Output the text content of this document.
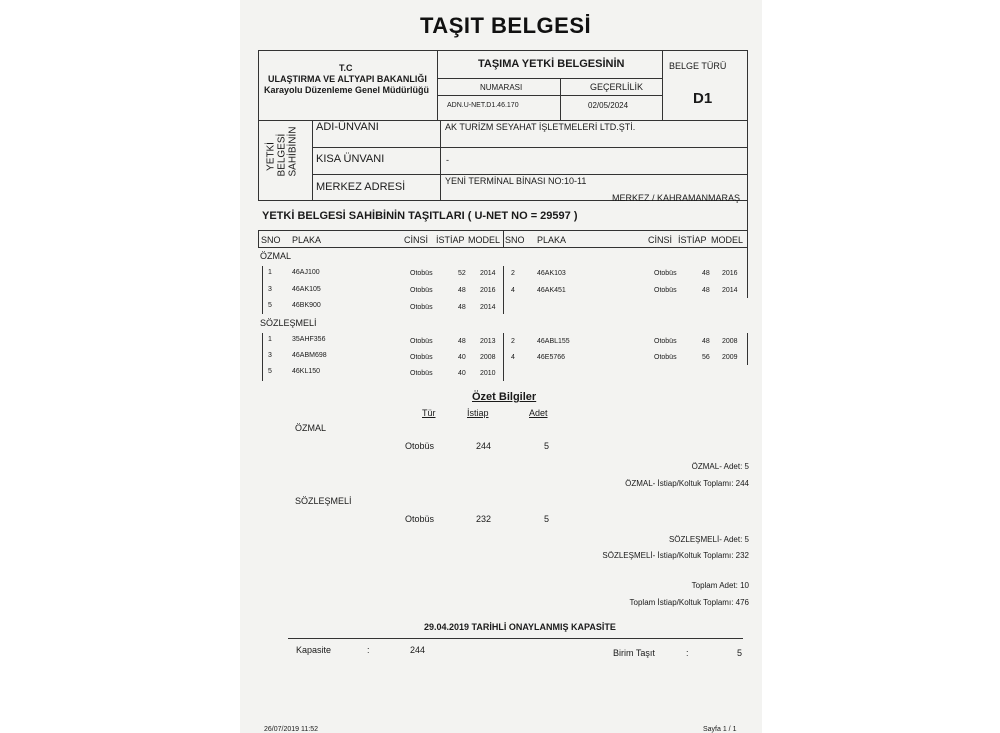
TAŞIT BELGESİ
T.C
ULAŞTIRMA VE ALTYAPI BAKANLIĞI
Karayolu Düzenleme Genel Müdürlüğü
TAŞIMA YETKİ BELGESİNİN
NUMARASI	GEÇERLİLİK
ADN.U-NET.D1.46.170	02/05/2024
BELGE TÜRÜ
D1
YETKİ BELGESİ SAHİBİNİN ADI-ÜNVANI	AK TURİZM SEYAHAT İŞLETMELERİ LTD.ŞTİ.
KISA ÜNVANI	-
MERKEZ ADRESİ	YENİ TERMİNAL BİNASI NO:10-11
MERKEZ / KAHRAMANMARAŞ
YETKİ BELGESİ SAHİBİNİN TAŞITLARI ( U-NET NO = 29597 )
SNO PLAKA	CİNSİ İSTİAP MODEL SNO PLAKA	CİNSİ İSTİAP MODEL
ÖZMAL
1	46AJ100	Otobüs	52 2014 2	46AK103	Otobüs	48 2016
3	46AK105	Otobüs	48 2016 4	46AK451	Otobüs	48 2014
5	46BK900	Otobüs	48 2014
SÖZLEŞMELİ
1	35AHF356	Otobüs	48 2013 2	46ABL155	Otobüs	48 2008
3	46ABM698	Otobüs	40 2008 4	46E5766	Otobüs	56 2009
5	46KL150	Otobüs	40 2010
Özet Bilgiler
Tür	İstiap	Adet
ÖZMAL
Otobüs	244	5
ÖZMAL- Adet: 5
ÖZMAL- İstiap/Koltuk Toplamı: 244
SÖZLEŞMELİ
Otobüs	232	5
SÖZLEŞMELİ- Adet: 5
SÖZLEŞMELİ- İstiap/Koltuk Toplamı: 232
Toplam Adet: 10
Toplam İstiap/Koltuk Toplamı: 476
29.04.2019 TARİHLİ ONAYLANMIŞ KAPASİTE
Kapasite	:	244	Birim Taşıt	:	5
26/07/2019 11:52	Sayfa 1 / 1
